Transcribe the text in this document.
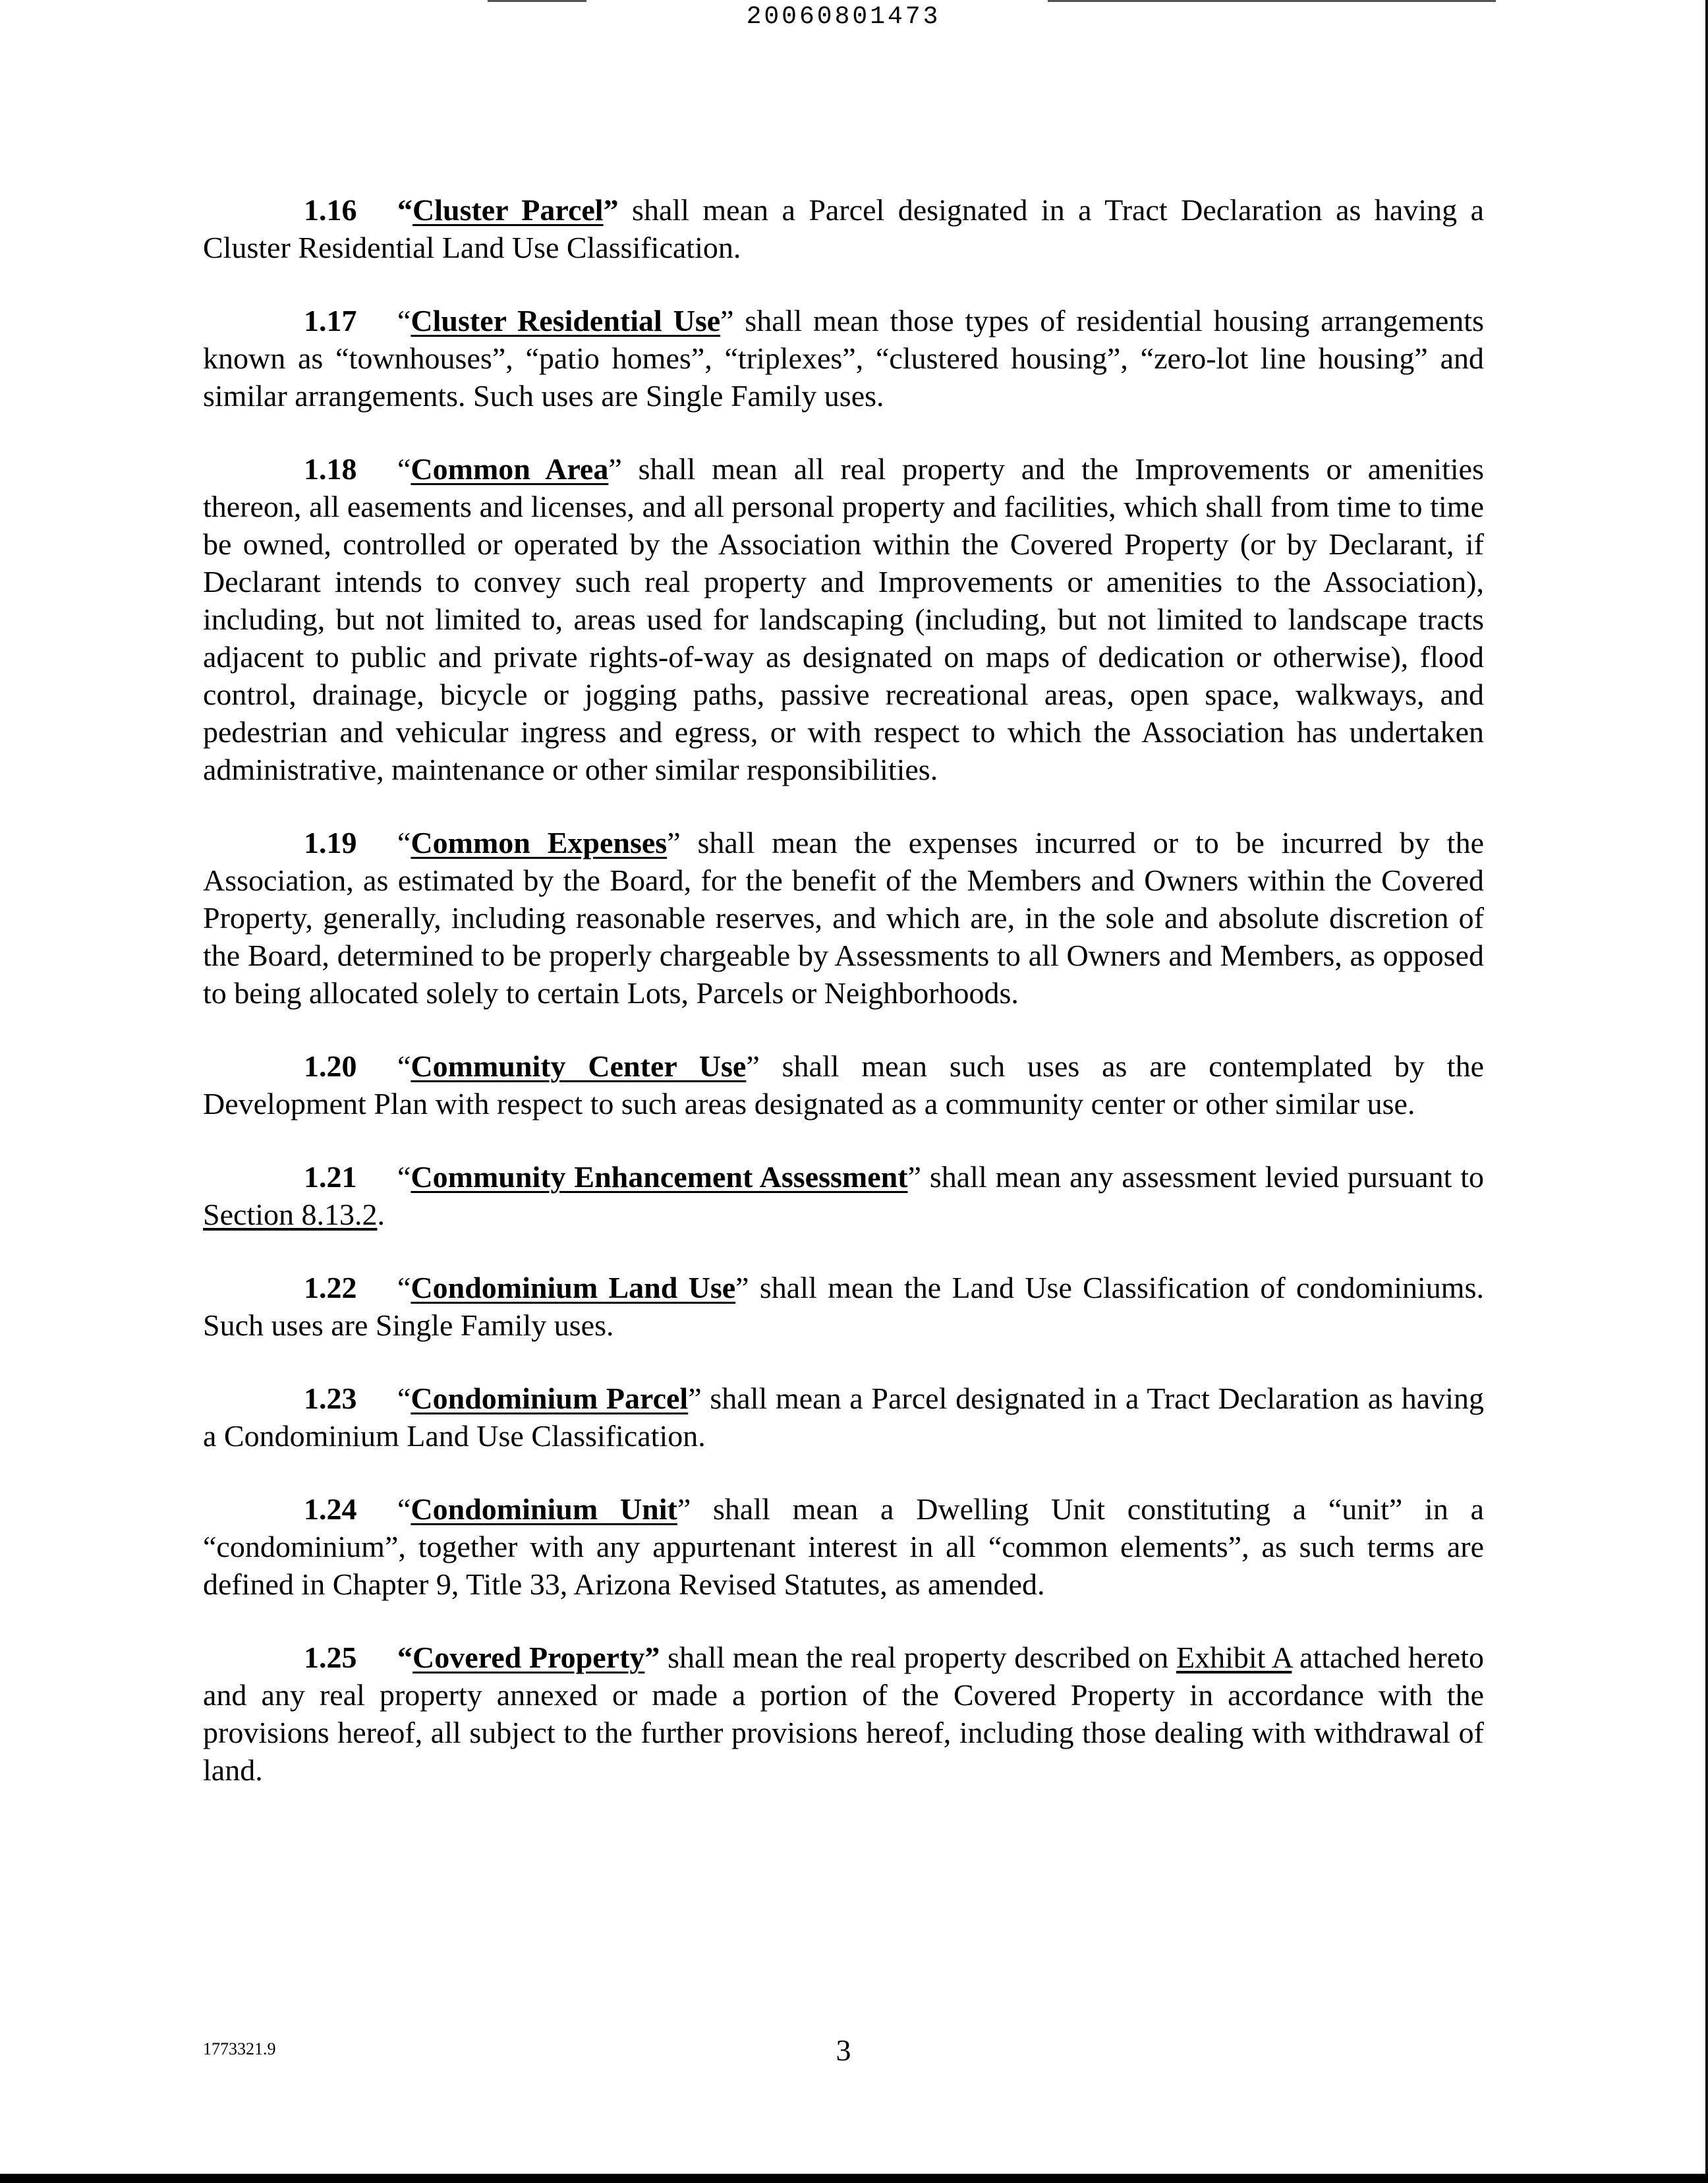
20060801473

1.16 “Cluster Parcel” shall mean a Parcel designated in a Tract Declaration as having a Cluster Residential Land Use Classification.

1.17 “Cluster Residential Use” shall mean those types of residential housing arrangements known as “townhouses”, “patio homes”, “triplexes”, “clustered housing”, “zero-lot line housing” and similar arrangements. Such uses are Single Family uses.

1.18 “Common Area” shall mean all real property and the Improvements or amenities thereon, all easements and licenses, and all personal property and facilities, which shall from time to time be owned, controlled or operated by the Association within the Covered Property (or by Declarant, if Declarant intends to convey such real property and Improvements or amenities to the Association), including, but not limited to, areas used for landscaping (including, but not limited to landscape tracts adjacent to public and private rights-of-way as designated on maps of dedication or otherwise), flood control, drainage, bicycle or jogging paths, passive recreational areas, open space, walkways, and pedestrian and vehicular ingress and egress, or with respect to which the Association has undertaken administrative, maintenance or other similar responsibilities.

1.19 “Common Expenses” shall mean the expenses incurred or to be incurred by the Association, as estimated by the Board, for the benefit of the Members and Owners within the Covered Property, generally, including reasonable reserves, and which are, in the sole and absolute discretion of the Board, determined to be properly chargeable by Assessments to all Owners and Members, as opposed to being allocated solely to certain Lots, Parcels or Neighborhoods.

1.20 “Community Center Use” shall mean such uses as are contemplated by the Development Plan with respect to such areas designated as a community center or other similar use.

1.21 “Community Enhancement Assessment” shall mean any assessment levied pursuant to Section 8.13.2.

1.22 “Condominium Land Use” shall mean the Land Use Classification of condominiums. Such uses are Single Family uses.

1.23 “Condominium Parcel” shall mean a Parcel designated in a Tract Declaration as having a Condominium Land Use Classification.

1.24 “Condominium Unit” shall mean a Dwelling Unit constituting a “unit” in a “condominium”, together with any appurtenant interest in all “common elements”, as such terms are defined in Chapter 9, Title 33, Arizona Revised Statutes, as amended.

1.25 “Covered Property” shall mean the real property described on Exhibit A attached hereto and any real property annexed or made a portion of the Covered Property in accordance with the provisions hereof, all subject to the further provisions hereof, including those dealing with withdrawal of land.

1773321.9	3
